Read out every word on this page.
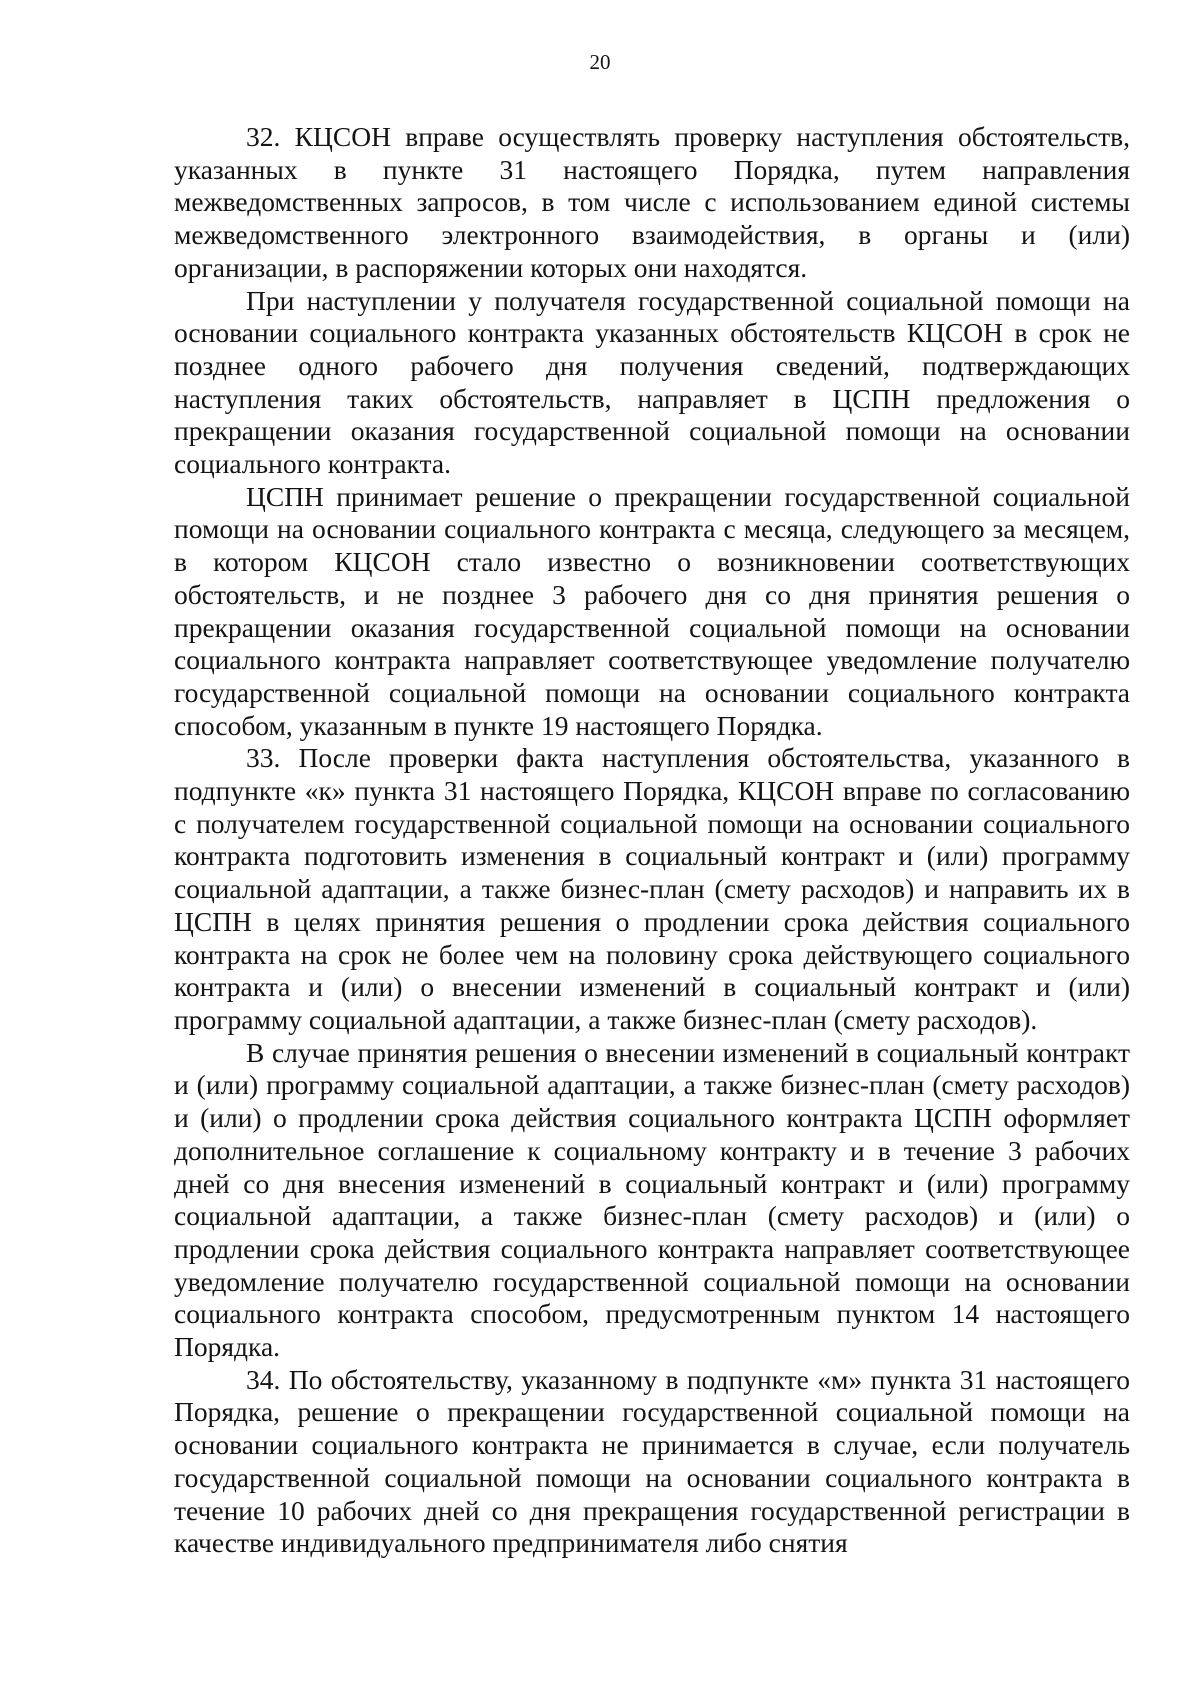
20

32. КЦСОН вправе осуществлять проверку наступления обстоятельств, указанных в пункте 31 настоящего Порядка, путем направления межведомственных запросов, в том числе с использованием единой системы межведомственного электронного взаимодействия, в органы и (или) организации, в распоряжении которых они находятся.

При наступлении у получателя государственной социальной помощи на основании социального контракта указанных обстоятельств КЦСОН в срок не позднее одного рабочего дня получения сведений, подтверждающих наступления таких обстоятельств, направляет в ЦСПН предложения о прекращении оказания государственной социальной помощи на основании социального контракта.

ЦСПН принимает решение о прекращении государственной социальной помощи на основании социального контракта с месяца, следующего за месяцем, в котором КЦСОН стало известно о возникновении соответствующих обстоятельств, и не позднее 3 рабочего дня со дня принятия решения о прекращении оказания государственной социальной помощи на основании социального контракта направляет соответствующее уведомление получателю государственной социальной помощи на основании социального контракта способом, указанным в пункте 19 настоящего Порядка.

33. После проверки факта наступления обстоятельства, указанного в подпункте «к» пункта 31 настоящего Порядка, КЦСОН вправе по согласованию с получателем государственной социальной помощи на основании социального контракта подготовить изменения в социальный контракт и (или) программу социальной адаптации, а также бизнес-план (смету расходов) и направить их в ЦСПН в целях принятия решения о продлении срока действия социального контракта на срок не более чем на половину срока действующего социального контракта и (или) о внесении изменений в социальный контракт и (или) программу социальной адаптации, а также бизнес-план (смету расходов).

В случае принятия решения о внесении изменений в социальный контракт и (или) программу социальной адаптации, а также бизнес-план (смету расходов) и (или) о продлении срока действия социального контракта ЦСПН оформляет дополнительное соглашение к социальному контракту и в течение 3 рабочих дней со дня внесения изменений в социальный контракт и (или) программу социальной адаптации, а также бизнес-план (смету расходов) и (или) о продлении срока действия социального контракта направляет соответствующее уведомление получателю государственной социальной помощи на основании социального контракта способом, предусмотренным пунктом 14 настоящего Порядка.

34. По обстоятельству, указанному в подпункте «м» пункта 31 настоящего Порядка, решение о прекращении государственной социальной помощи на основании социального контракта не принимается в случае, если получатель государственной социальной помощи на основании социального контракта в течение 10 рабочих дней со дня прекращения государственной регистрации в качестве индивидуального предпринимателя либо снятия
